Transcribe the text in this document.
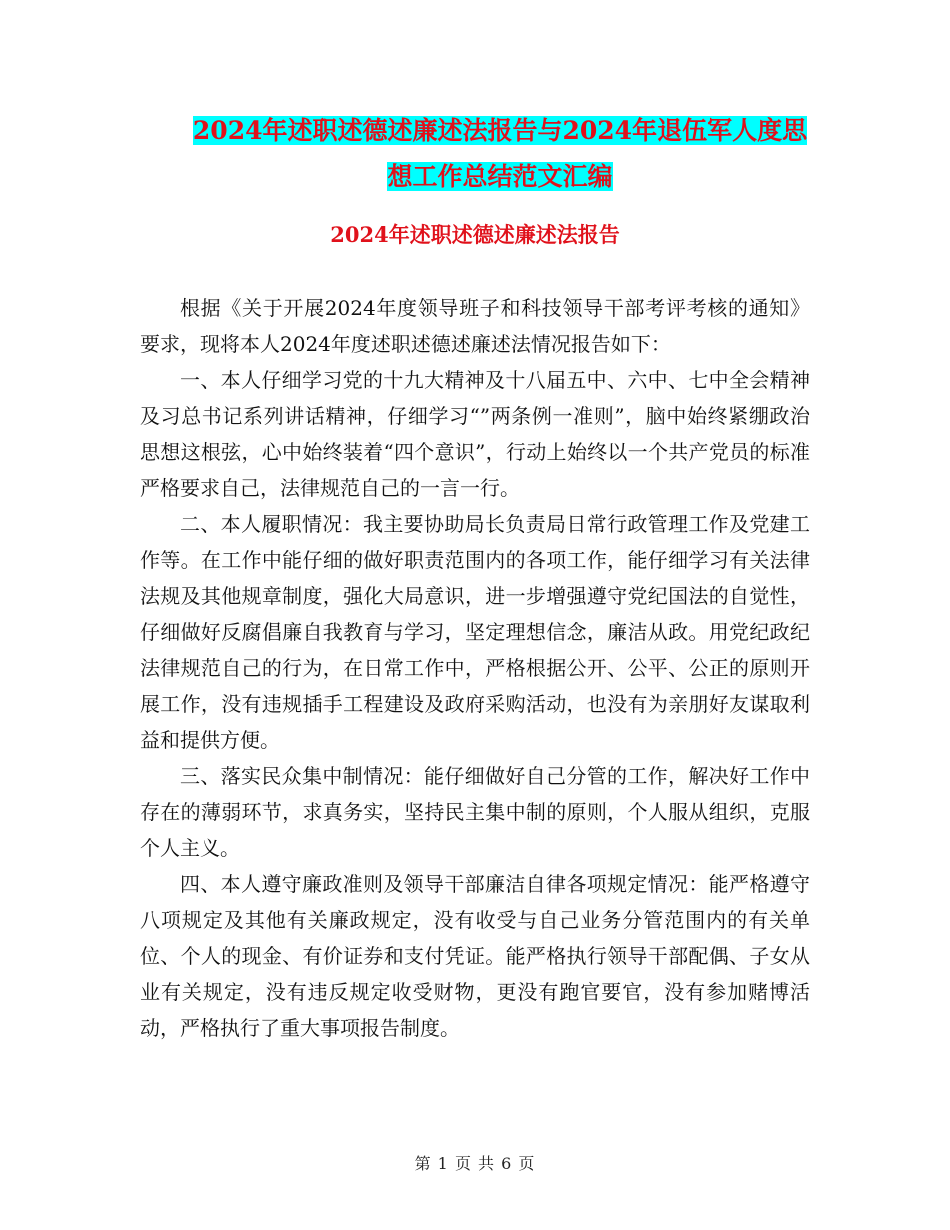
2024年述职述德述廉述法报告与2024年退伍军人度思
想工作总结范文汇编
2024年述职述德述廉述法报告

根据《关于开展2024年度领导班子和科技领导干部考评考核的通知》要求，现将本人2024年度述职述德述廉述法情况报告如下：

一、本人仔细学习党的十九大精神及十八届五中、六中、七中全会精神及习总书记系列讲话精神，仔细学习“”两条例一准则”，脑中始终紧绷政治思想这根弦，心中始终装着“四个意识”，行动上始终以一个共产党员的标准严格要求自己，法律规范自己的一言一行。

二、本人履职情况：我主要协助局长负责局日常行政管理工作及党建工作等。在工作中能仔细的做好职责范围内的各项工作，能仔细学习有关法律法规及其他规章制度，强化大局意识，进一步增强遵守党纪国法的自觉性，仔细做好反腐倡廉自我教育与学习，坚定理想信念，廉洁从政。用党纪政纪法律规范自己的行为，在日常工作中，严格根据公开、公平、公正的原则开展工作，没有违规插手工程建设及政府采购活动，也没有为亲朋好友谋取利益和提供方便。

三、落实民众集中制情况：能仔细做好自己分管的工作，解决好工作中存在的薄弱环节，求真务实，坚持民主集中制的原则，个人服从组织，克服个人主义。

四、本人遵守廉政准则及领导干部廉洁自律各项规定情况：能严格遵守八项规定及其他有关廉政规定，没有收受与自己业务分管范围内的有关单位、个人的现金、有价证券和支付凭证。能严格执行领导干部配偶、子女从业有关规定，没有违反规定收受财物，更没有跑官要官，没有参加赌博活动，严格执行了重大事项报告制度。

第 1 页 共 6 页
